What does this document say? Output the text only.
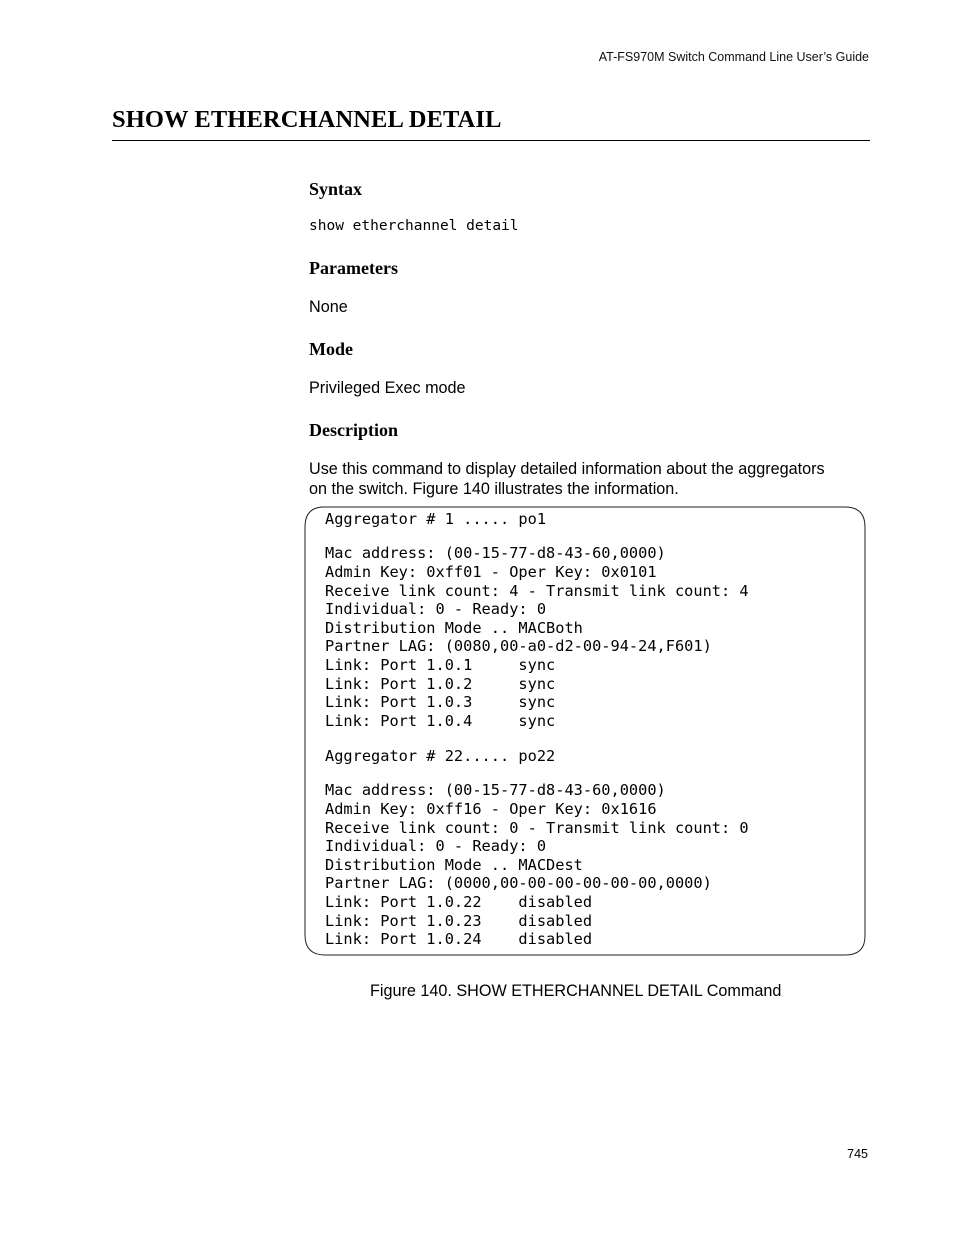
AT-FS970M Switch Command Line User’s Guide
SHOW ETHERCHANNEL DETAIL
Syntax
show etherchannel detail
Parameters

None

Mode

Privileged Exec mode

Description

Use this command to display detailed information about the aggregators

on the switch. Figure 140 illustrates the information.

Aggregator # 1 ..... po1
Mac address: (00-15-77-d8-43-60,0000)
Admin Key: 0xff01 - Oper Key: 0x0101
Receive link count: 4 - Transmit link count: 4
Individual: 0 - Ready: 0
Distribution Mode .. MACBoth
Partner LAG: (0080,00-a0-d2-00-94-24,F601)
Link: Port 1.0.1     sync
Link: Port 1.0.2     sync
Link: Port 1.0.3     sync
Link: Port 1.0.4     sync
Aggregator # 22..... po22
Mac address: (00-15-77-d8-43-60,0000)
Admin Key: 0xff16 - Oper Key: 0x1616
Receive link count: 0 - Transmit link count: 0
Individual: 0 - Ready: 0
Distribution Mode .. MACDest
Partner LAG: (0000,00-00-00-00-00-00,0000)
Link: Port 1.0.22    disabled
Link: Port 1.0.23    disabled
Link: Port 1.0.24    disabled
Figure 140. SHOW ETHERCHANNEL DETAIL Command
745
